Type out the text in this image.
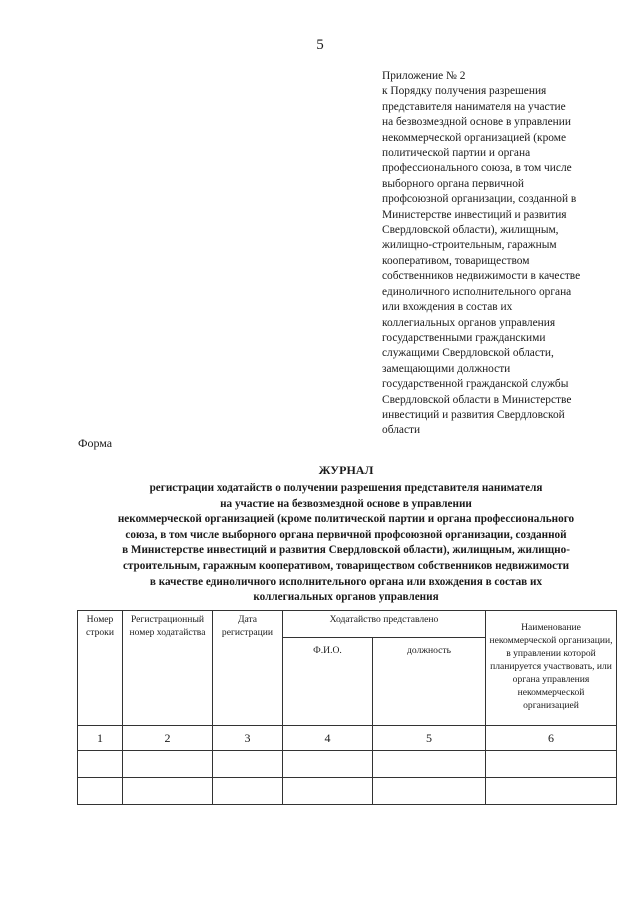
5
Приложение № 2
к Порядку получения разрешения
представителя нанимателя на участие
на безвозмездной основе в управлении
некоммерческой организацией (кроме
политической партии и органа
профессионального союза, в том числе
выборного органа первичной
профсоюзной организации, созданной в
Министерстве инвестиций и развития
Свердловской области), жилищным,
жилищно-строительным, гаражным
кооперативом, товариществом
собственников недвижимости в качестве
единоличного исполнительного органа
или вхождения в состав их
коллегиальных органов управления
государственными гражданскими
служащими Свердловской области,
замещающими должности
государственной гражданской службы
Свердловской области в Министерстве
инвестиций и развития Свердловской
области
Форма
ЖУРНАЛ
регистрации ходатайств о получении разрешения представителя нанимателя
на участие на безвозмездной основе в управлении
некоммерческой организацией (кроме политической партии и органа профессионального
союза, в том числе выборного органа первичной профсоюзной организации, созданной
в Министерстве инвестиций и развития Свердловской области), жилищным, жилищно-
строительным, гаражным кооперативом, товариществом собственников недвижимости
в качестве единоличного исполнительного органа или вхождения в состав их
коллегиальных органов управления
Номер строки	Регистрационный номер ходатайства	Дата регистрации	Ходатайство представлено		Наименование некоммерческой организации, в управлении которой планируется участвовать, или органа управления некоммерческой организацией
			Ф.И.О.	должность	
1	2	3	4	5	6
